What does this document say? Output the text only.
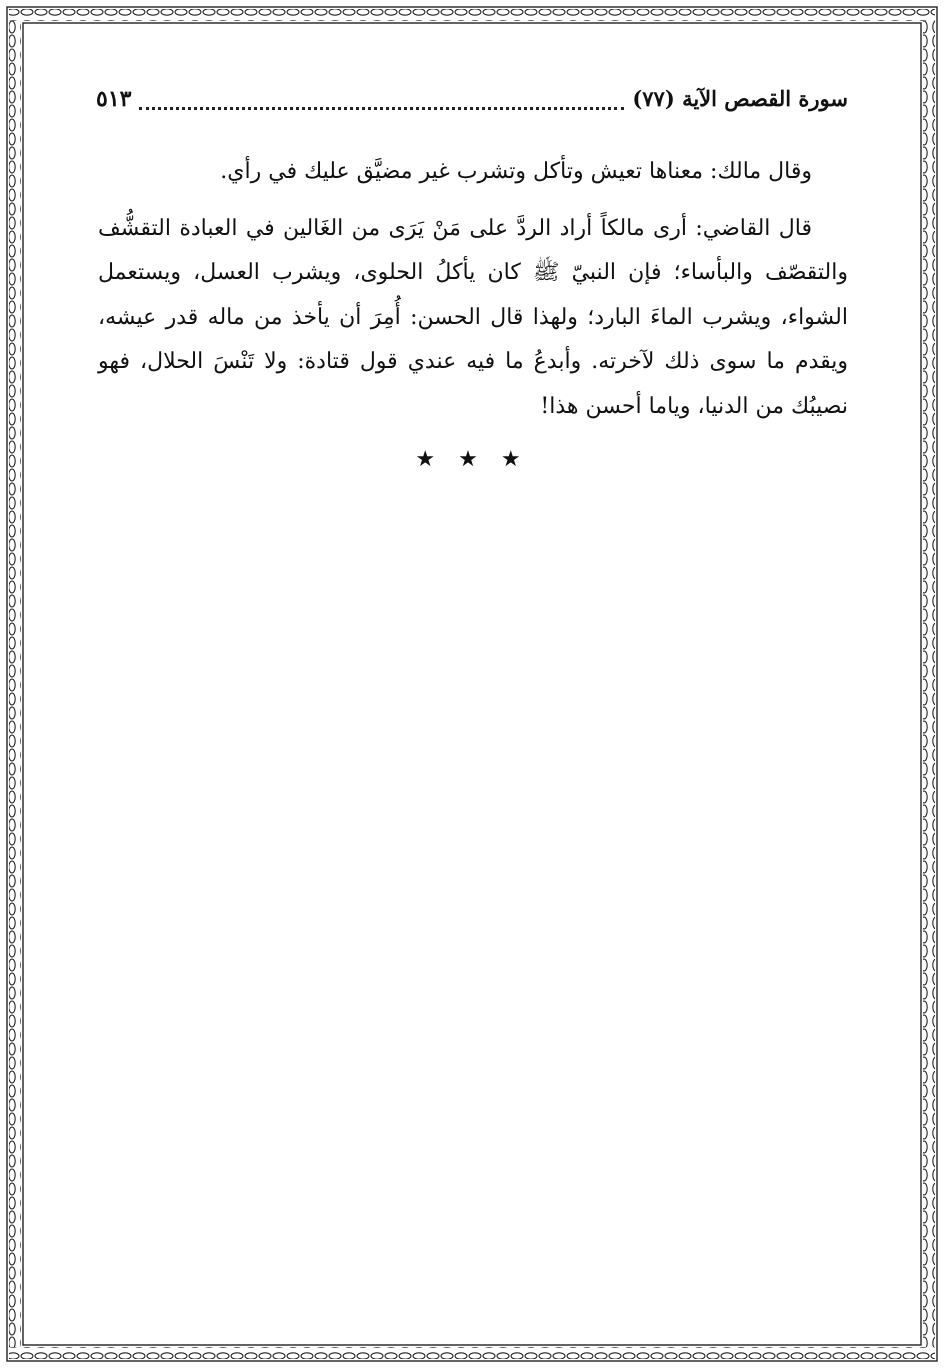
سورة القصص الآية (٧٧)
٥١٣

وقال مالك: معناها تعيش وتأكل وتشرب غير مضيَّق عليك في رأي.

قال القاضي: أرى مالكاً أراد الردَّ على مَنْ يَرَى من الغَالين في العبادة التقشُّف والتقصّف والبأساء؛ فإن النبيّ ﷺ كان يأكلُ الحلوى، ويشرب العسل، ويستعمل الشواء، ويشرب الماءَ البارد؛ ولهذا قال الحسن: أُمِرَ أن يأخذ من ماله قدر عيشه، ويقدم ما سوى ذلك لآخرته. وأبدعُ ما فيه عندي قول قتادة: ولا تَنْسَ الحلال، فهو نصيبُك من الدنيا، وياما أحسن هذا!

★ ★ ★
